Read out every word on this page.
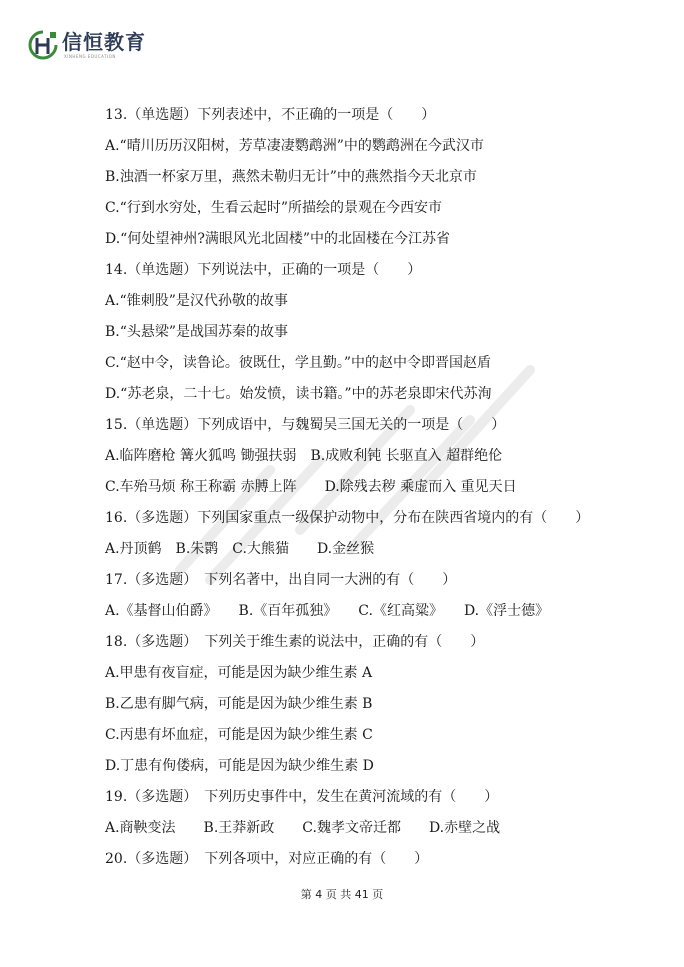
信恒教育
XINHENG EDUCATION
13.（单选题）下列表述中，不正确的一项是（　　）
A.“晴川历历汉阳树，芳草凄凄鹦鹉洲”中的鹦鹉洲在今武汉市
B.浊酒一杯家万里，燕然未勒归无计”中的燕然指今天北京市
C.“行到水穷处，生看云起时”所描绘的景观在今西安市
D.“何处望神州?满眼风光北固楼”中的北固楼在今江苏省
14.（单选题）下列说法中，正确的一项是（　　）
A.“锥刺股”是汉代孙敬的故事
B.“头悬梁”是战国苏秦的故事
C.“赵中令，读鲁论。彼既仕，学且勤。”中的赵中令即晋国赵盾
D.“苏老泉，二十七。始发愤，读书籍。”中的苏老泉即宋代苏洵
15.（单选题）下列成语中，与魏蜀吴三国无关的一项是（　　）
A.临阵磨枪 篝火狐鸣 锄强扶弱　B.成败利钝 长驱直入 超群绝伦
C.车殆马烦 称王称霸 赤膊上阵　　D.除残去秽 乘虚而入 重见天日
16.（多选题）下列国家重点一级保护动物中，分布在陕西省境内的有（　　）
A.丹顶鹤　B.朱鹮　C.大熊猫　　D.金丝猴
17.（多选题）　下列名著中，出自同一大洲的有（　　）
A.《基督山伯爵》　　B.《百年孤独》　　C.《红高粱》　　D.《浮士德》
18.（多选题）　下列关于维生素的说法中，正确的有（　　）
A.甲患有夜盲症，可能是因为缺少维生素 A
B.乙患有脚气病，可能是因为缺少维生素 B
C.丙患有坏血症，可能是因为缺少维生素 C
D.丁患有佝偻病，可能是因为缺少维生素 D
19.（多选题）　下列历史事件中，发生在黄河流域的有（　　）
A.商鞅变法　　B.王莽新政　　C.魏孝文帝迁都　　D.赤壁之战
20.（多选题）　下列各项中，对应正确的有（　　）
第 4 页 共 41 页
